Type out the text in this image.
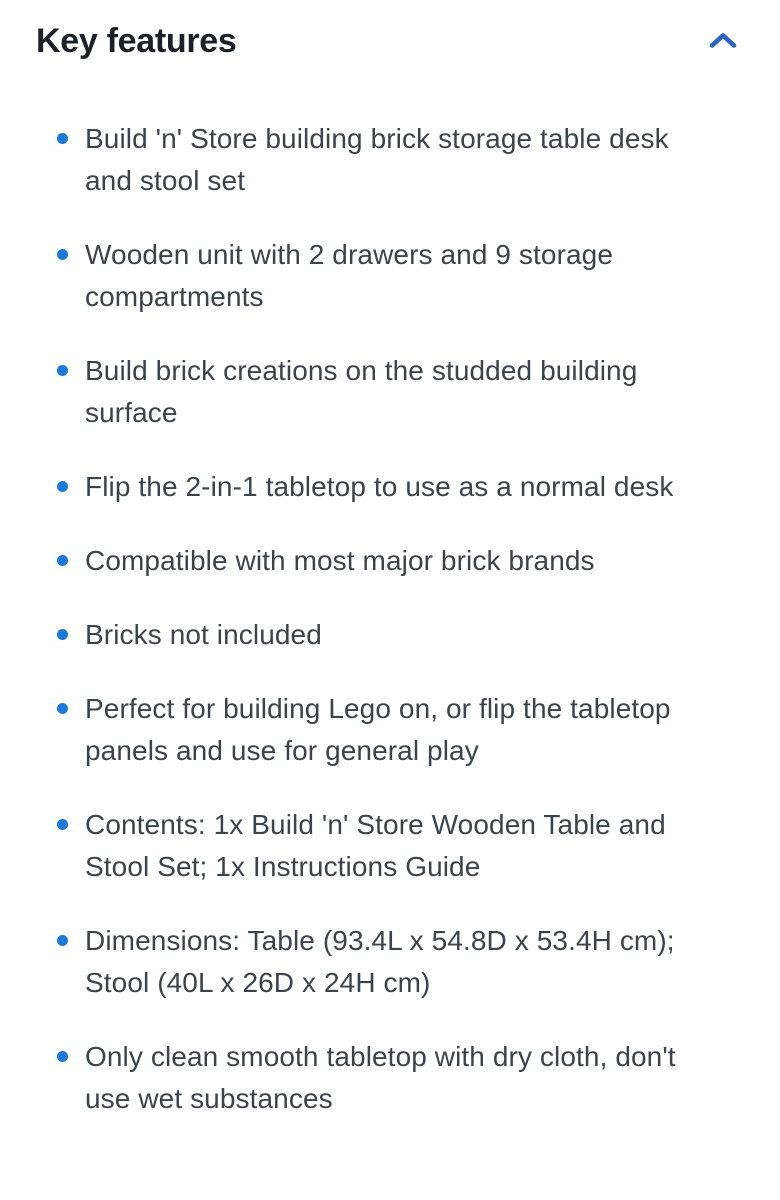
Key features
Build 'n' Store building brick storage table desk and stool set
Wooden unit with 2 drawers and 9 storage compartments
Build brick creations on the studded building surface
Flip the 2-in-1 tabletop to use as a normal desk
Compatible with most major brick brands
Bricks not included
Perfect for building Lego on, or flip the tabletop panels and use for general play
Contents: 1x Build 'n' Store Wooden Table and Stool Set; 1x Instructions Guide
Dimensions: Table (93.4L x 54.8D x 53.4H cm); Stool (40L x 26D x 24H cm)
Only clean smooth tabletop with dry cloth, don't use wet substances
